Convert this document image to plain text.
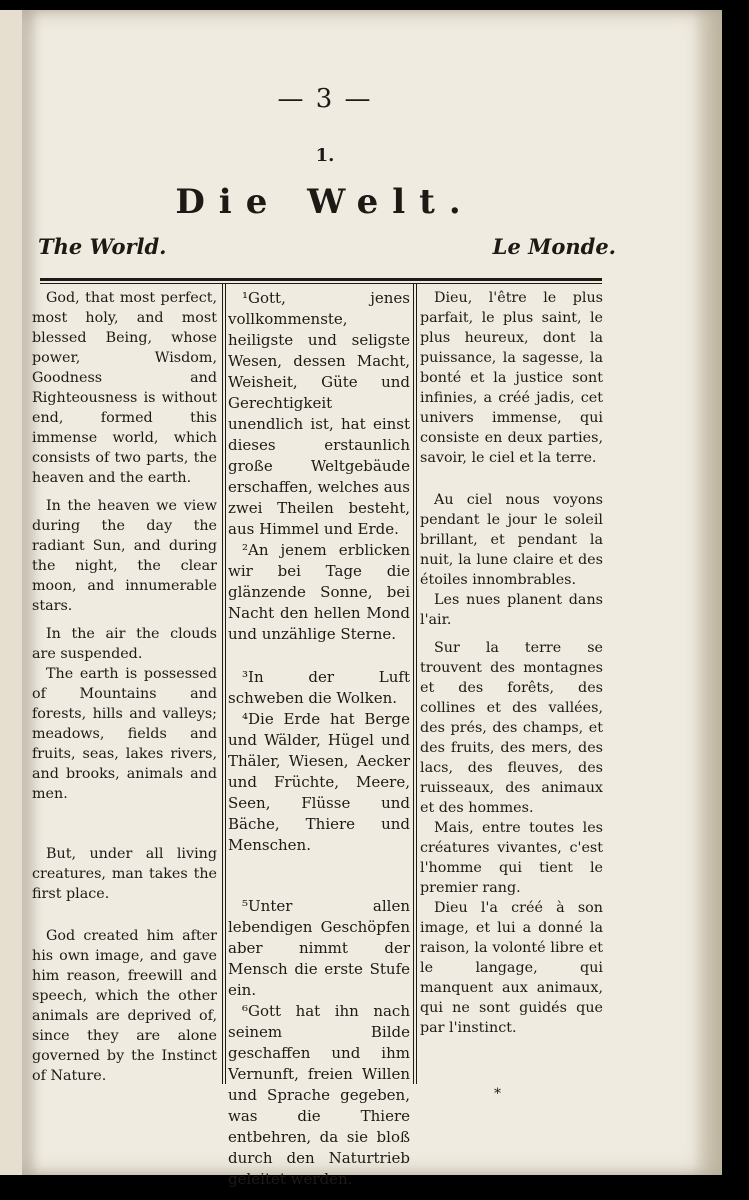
— 3 —
1.
Die Welt.
The World.	Le Monde.

God, that most perfect, most holy, and most blessed Being, whose power, Wisdom, Goodness and Righteousness is without end, formed this immense world, which consists of two parts, the heaven and the earth.

In the heaven we view during the day the radiant Sun, and during the night, the clear moon, and innumerable stars.

In the air the clouds are suspended.

The earth is possessed of Mountains and forests, hills and valleys; meadows, fields and fruits, seas, lakes rivers, and brooks, animals and men.

But, under all living creatures, man takes the first place.

God created him after his own image, and gave him reason, freewill and speech, which the other animals are deprived of, since they are alone governed by the Instinct of Nature.

¹Gott, jenes vollkommenste, heiligste und seligste Wesen, dessen Macht, Weisheit, Güte und Gerechtigkeit unendlich ist, hat einst dieses erstaunlich große Weltgebäude erschaffen, welches aus zwei Theilen besteht, aus Himmel und Erde.

²An jenem erblicken wir bei Tage die glänzende Sonne, bei Nacht den hellen Mond und unzählige Sterne.

³In der Luft schweben die Wolken.

⁴Die Erde hat Berge und Wälder, Hügel und Thäler, Wiesen, Aecker und Früchte, Meere, Seen, Flüsse und Bäche, Thiere und Menschen.

⁵Unter allen lebendigen Geschöpfen aber nimmt der Mensch die erste Stufe ein.

⁶Gott hat ihn nach seinem Bilde geschaffen und ihm Vernunft, freien Willen und Sprache gegeben, was die Thiere entbehren, da sie bloß durch den Naturtrieb geleitet werden.

Dieu, l'être le plus parfait, le plus saint, le plus heureux, dont la puissance, la sagesse, la bonté et la justice sont infinies, a créé jadis, cet univers immense, qui consiste en deux parties, savoir, le ciel et la terre.

Au ciel nous voyons pendant le jour le soleil brillant, et pendant la nuit, la lune claire et des étoiles innombrables.

Les nues planent dans l'air.

Sur la terre se trouvent des montagnes et des forêts, des collines et des vallées, des prés, des champs, et des fruits, des mers, des lacs, des fleuves, des ruisseaux, des animaux et des hommes.

Mais, entre toutes les créatures vivantes, c'est l'homme qui tient le premier rang.

Dieu l'a créé à son image, et lui a donné la raison, la volonté libre et le langage, qui manquent aux animaux, qui ne sont guidés que par l'instinct.

*
